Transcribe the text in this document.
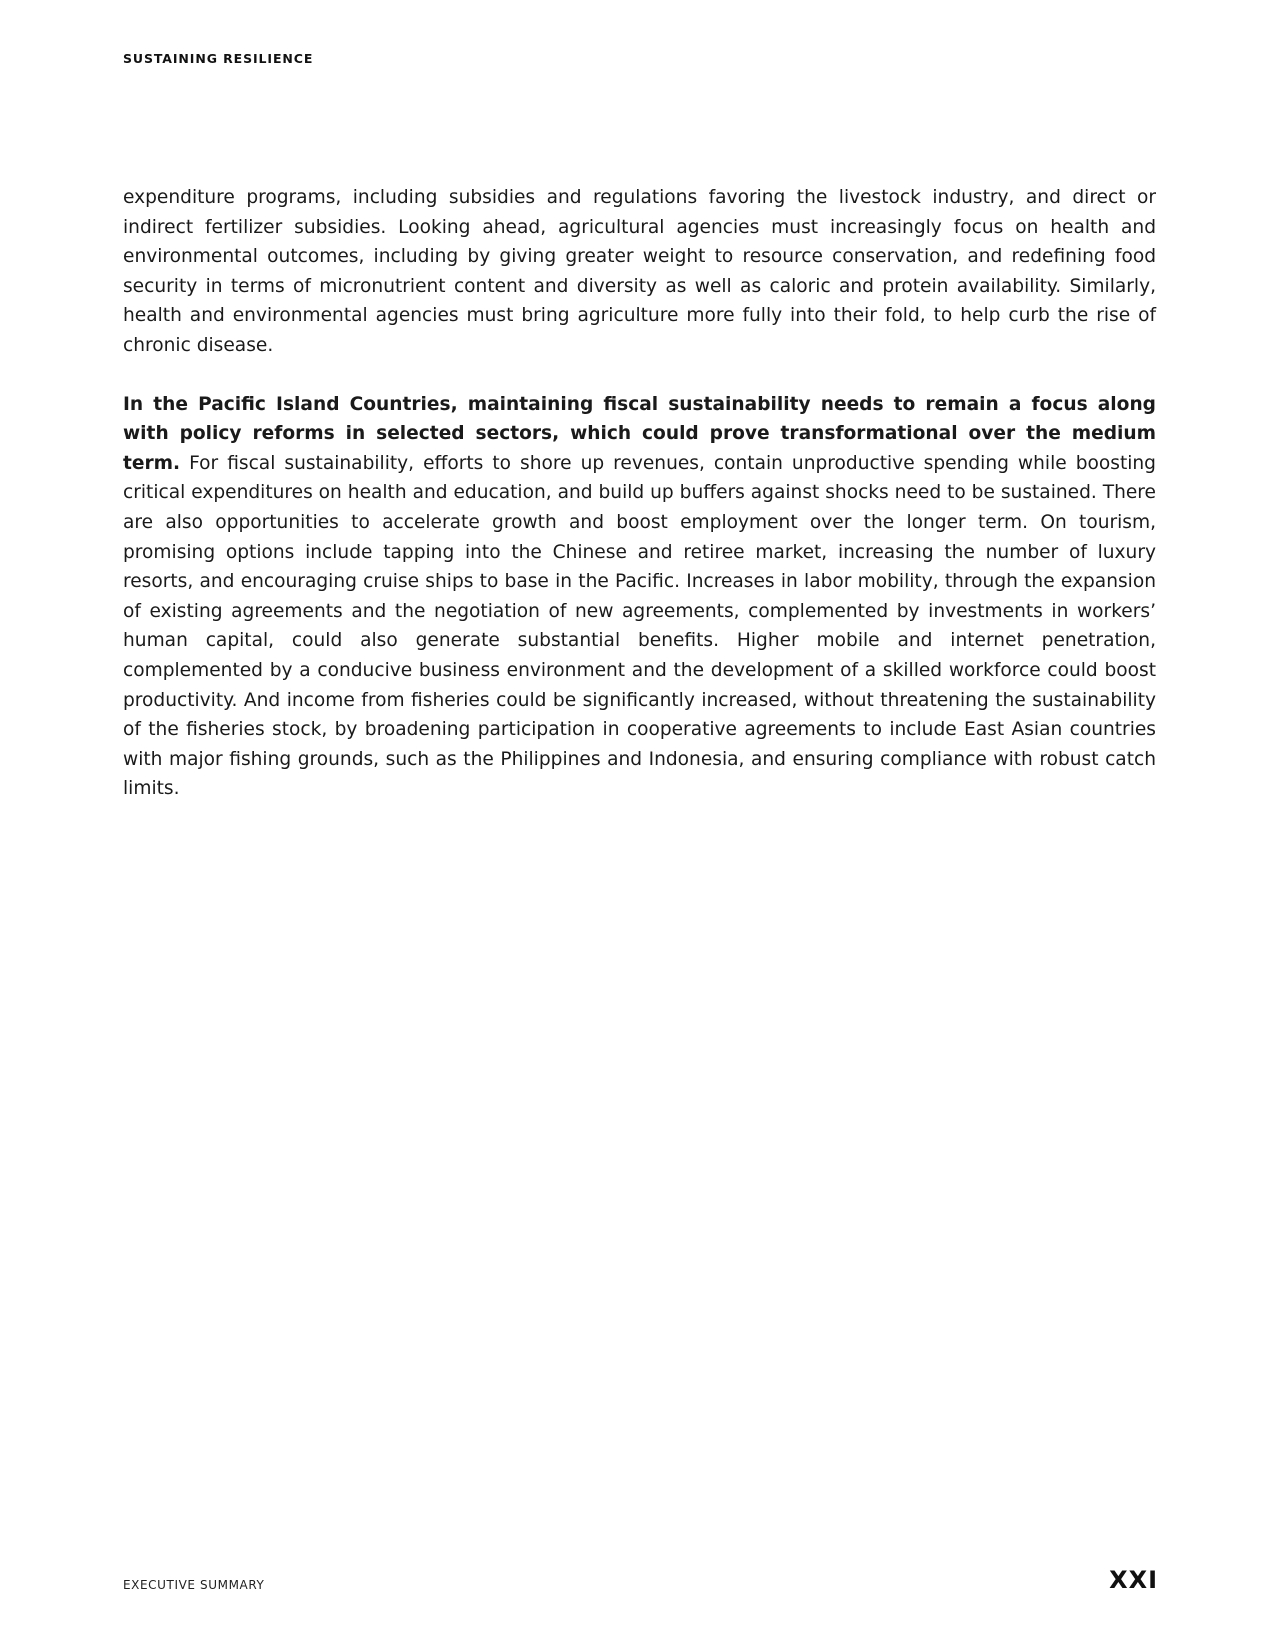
SUSTAINING RESILIENCE

expenditure programs, including subsidies and regulations favoring the livestock industry, and direct or indirect fertilizer subsidies. Looking ahead, agricultural agencies must increasingly focus on health and environmental outcomes, including by giving greater weight to resource conservation, and redefining food security in terms of micronutrient content and diversity as well as caloric and protein availability. Similarly, health and environmental agencies must bring agriculture more fully into their fold, to help curb the rise of chronic disease.

In the Pacific Island Countries, maintaining fiscal sustainability needs to remain a focus along with policy reforms in selected sectors, which could prove transformational over the medium term. For fiscal sustainability, efforts to shore up revenues, contain unproductive spending while boosting critical expenditures on health and education, and build up buffers against shocks need to be sustained. There are also opportunities to accelerate growth and boost employment over the longer term. On tourism, promising options include tapping into the Chinese and retiree market, increasing the number of luxury resorts, and encouraging cruise ships to base in the Pacific. Increases in labor mobility, through the expansion of existing agreements and the negotiation of new agreements, complemented by investments in workers’ human capital, could also generate substantial benefits. Higher mobile and internet penetration, complemented by a conducive business environment and the development of a skilled workforce could boost productivity. And income from fisheries could be significantly increased, without threatening the sustainability of the fisheries stock, by broadening participation in cooperative agreements to include East Asian countries with major fishing grounds, such as the Philippines and Indonesia, and ensuring compliance with robust catch limits.

EXECUTIVE SUMMARY	XXI
